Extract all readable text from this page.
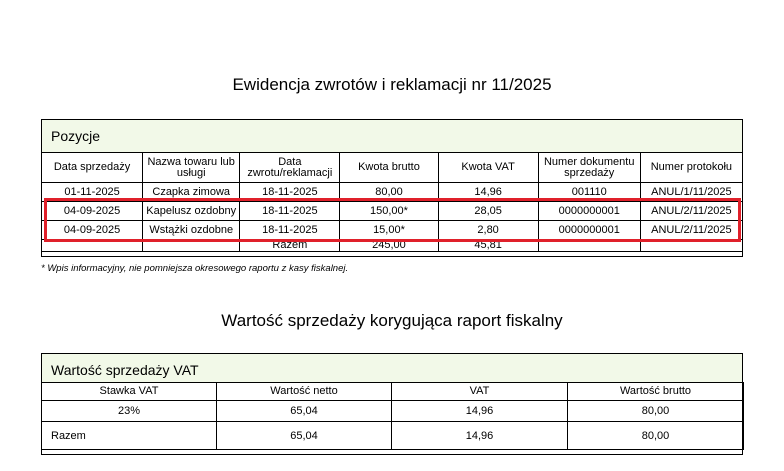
Ewidencja zwrotów i reklamacji nr 11/2025
Pozycje
Data sprzedaży	Nazwa towaru lub usługi	Data zwrotu/reklamacji	Kwota brutto	Kwota VAT	Numer dokumentu sprzedaży	Numer protokołu
01-11-2025	Czapka zimowa	18-11-2025	80,00	14,96	001110	ANUL/1/11/2025
04-09-2025	Kapelusz ozdobny	18-11-2025	150,00*	28,05	0000000001	ANUL/2/11/2025
04-09-2025	Wstążki ozdobne	18-11-2025	15,00*	2,80	0000000001	ANUL/2/11/2025
		Razem	245,00	45,81		
* Wpis informacyjny, nie pomniejsza okresowego raportu z kasy fiskalnej.
Wartość sprzedaży korygująca raport fiskalny
Wartość sprzedaży VAT
Stawka VAT	Wartość netto	VAT	Wartość brutto
23%	65,04	14,96	80,00
Razem	65,04	14,96	80,00
